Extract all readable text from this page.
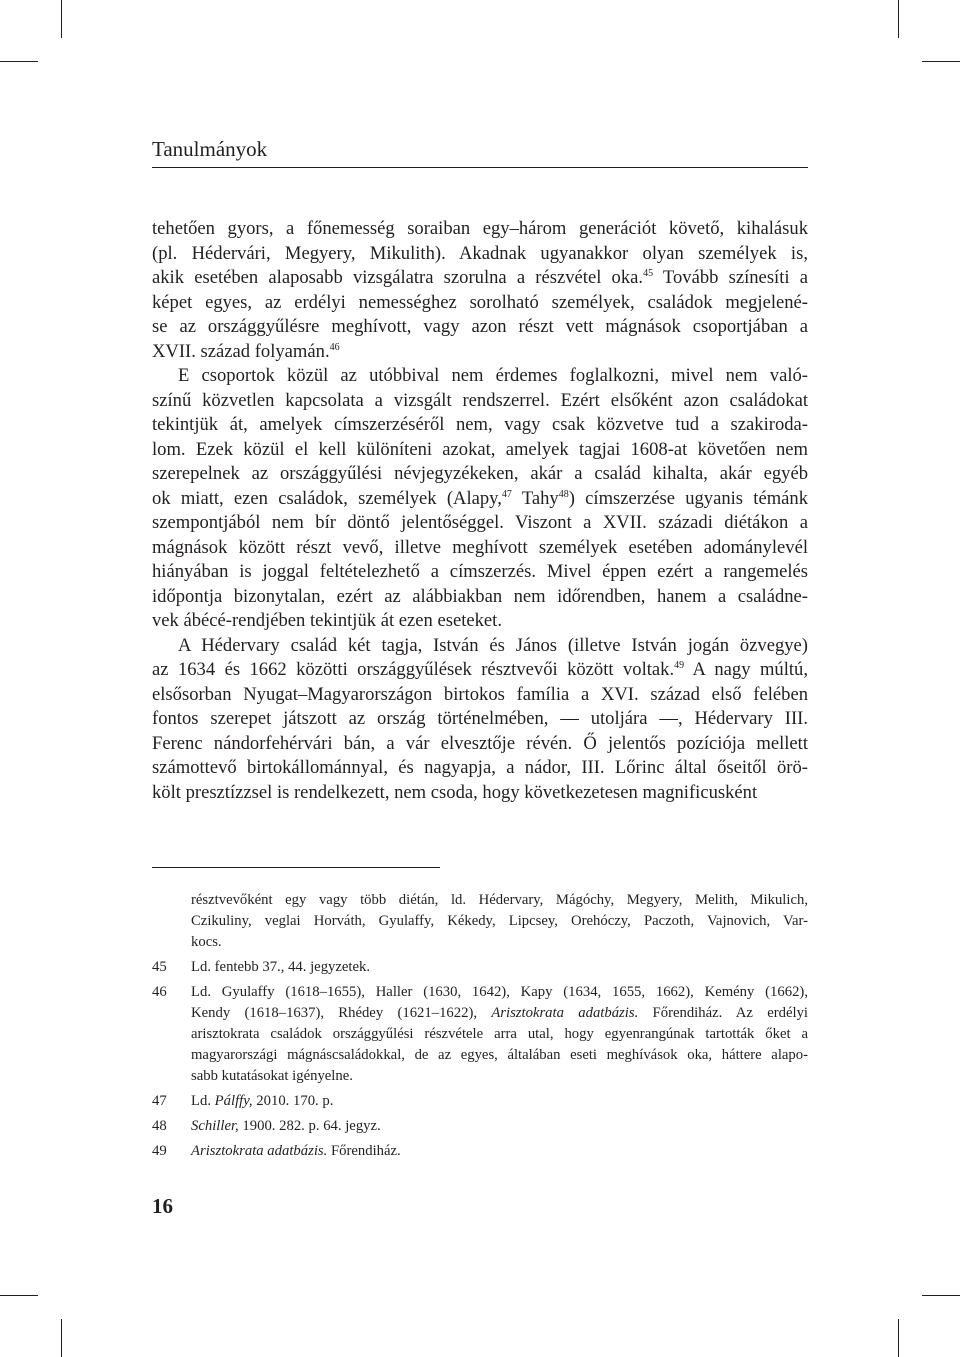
Tanulmányok

tehetően gyors, a főnemesség soraiban egy–három generációt követő, kihalásuk
(pl. Hédervári, Megyery, Mikulith). Akadnak ugyanakkor olyan személyek is,
akik esetében alaposabb vizsgálatra szorulna a részvétel oka.$^{45}$ Tovább színesíti a
képet egyes, az erdélyi nemességhez sorolható személyek, családok megjelené-
se az országgyűlésre meghívott, vagy azon részt vett mágnások csoportjában a
XVII. század folyamán.$^{46}$

E csoportok közül az utóbbival nem érdemes foglalkozni, mivel nem való-
színű közvetlen kapcsolata a vizsgált rendszerrel. Ezért elsőként azon családokat
tekintjük át, amelyek címszerzéséről nem, vagy csak közvetve tud a szakiroda-
lom. Ezek közül el kell különíteni azokat, amelyek tagjai 1608-at követően nem
szerepelnek az országgyűlési névjegyzékeken, akár a család kihalta, akár egyéb
ok miatt, ezen családok, személyek (Alapy,$^{47}$ Tahy$^{48}$) címszerzése ugyanis témánk
szempontjából nem bír döntő jelentőséggel. Viszont a XVII. századi diétákon a
mágnások között részt vevő, illetve meghívott személyek esetében adománylevél
hiányában is joggal feltételezhető a címszerzés. Mivel éppen ezért a rangemelés
időpontja bizonytalan, ezért az alábbiakban nem időrendben, hanem a családne-
vek ábécé-rendjében tekintjük át ezen eseteket.

A Hédervary család két tagja, István és János (illetve István jogán özvegye)
az 1634 és 1662 közötti országgyűlések résztvevői között voltak.$^{49}$ A nagy múltú,
elsősorban Nyugat–Magyarországon birtokos família a XVI. század első felében
fontos szerepet játszott az ország történelmében, — utoljára —, Hédervary III.
Ferenc nándorfehérvári bán, a vár elvesztője révén. Ő jelentős pozíciója mellett
számottevő birtokállománnyal, és nagyapja, a nádor, III. Lőrinc által őseitől örö-
költ presztízzsel is rendelkezett, nem csoda, hogy következetesen magnificusként

résztvevőként egy vagy több diétán, ld. Hédervary, Mágóchy, Megyery, Melith, Mikulich,
Czikuliny, veglai Horváth, Gyulaffy, Kékedy, Lipcsey, Orehóczy, Paczoth, Vajnovich, Var-
kocs.
45 Ld. fentebb 37., 44. jegyzetek.
46 Ld. Gyulaffy (1618–1655), Haller (1630, 1642), Kapy (1634, 1655, 1662), Kemény (1662),
Kendy (1618–1637), Rhédey (1621–1622), Arisztokrata adatbázis. Főrendiház. Az erdélyi
arisztokrata családok országgyűlési részvétele arra utal, hogy egyenrangúnak tartották őket a
magyarországi mágnáscsaládokkal, de az egyes, általában eseti meghívások oka, háttere alapo-
sabb kutatásokat igényelne.
47 Ld. Pálffy, 2010. 170. p.
48 Schiller, 1900. 282. p. 64. jegyz.
49 Arisztokrata adatbázis. Főrendiház.
16
